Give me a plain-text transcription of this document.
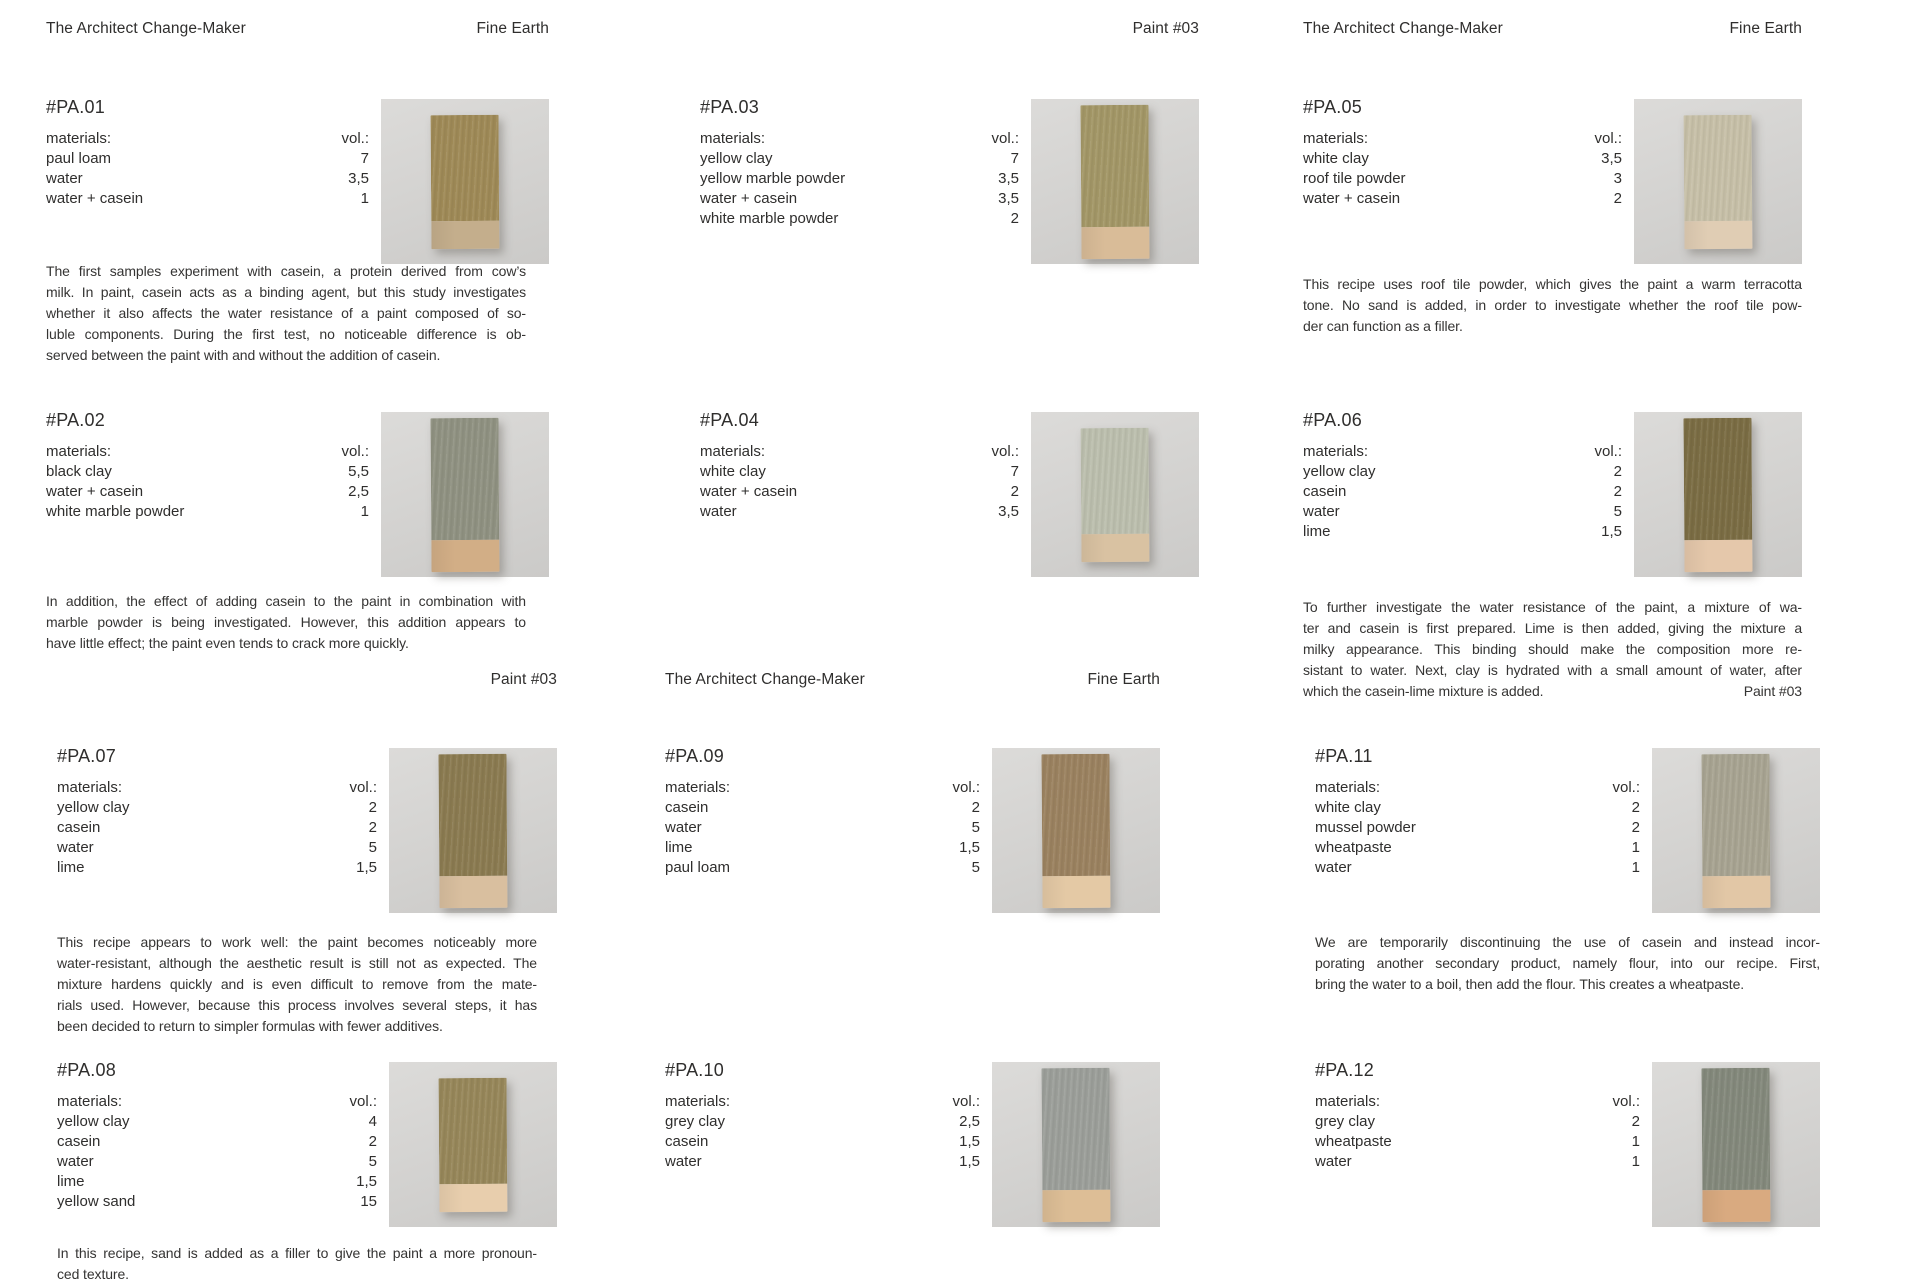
The Architect Change-Maker	Fine Earth
#PA.01
materials:	vol.:
paul loam	7
water	3,5
water + casein	1
#PA.02
materials:	vol.:
black clay	5,5
water + casein	2,5
white marble powder	1
The first samples experiment with casein, a protein derived from cow’s
milk. In paint, casein acts as a binding agent, but this study investigates
whether it also affects the water resistance of a paint composed of so-
luble components. During the first test, no noticeable difference is ob-
served between the paint with and without the addition of casein.
In addition, the effect of adding casein to the paint in combination with
marble powder is being investigated. However, this addition appears to
have little effect; the paint even tends to crack more quickly.
Paint #03
#PA.03
materials:	vol.:
yellow clay	7
yellow marble powder	3,5
water + casein	3,5
white marble powder	2
#PA.04
materials:	vol.:
white clay	7
water + casein	2
water	3,5
The Architect Change-Maker	Fine Earth
#PA.05
materials:	vol.:
white clay	3,5
roof tile powder	3
water + casein	2
#PA.06
materials:	vol.:
yellow clay	2
casein	2
water	5
lime	1,5
This recipe uses roof tile powder, which gives the paint a warm terracotta
tone. No sand is added, in order to investigate whether the roof tile pow-
der can function as a filler.
To further investigate the water resistance of the paint, a mixture of wa-
ter and casein is first prepared. Lime is then added, giving the mixture a
milky appearance. This binding should make the composition more re-
sistant to water. Next, clay is hydrated with a small amount of water, after
which the casein-lime mixture is added.	Paint #03
Paint #03
#PA.07
materials:	vol.:
yellow clay	2
casein	2
water	5
lime	1,5
#PA.08
materials:	vol.:
yellow clay	4
casein	2
water	5
lime	1,5
yellow sand	15
This recipe appears to work well: the paint becomes noticeably more
water-resistant, although the aesthetic result is still not as expected. The
mixture hardens quickly and is even difficult to remove from the mate-
rials used. However, because this process involves several steps, it has
been decided to return to simpler formulas with fewer additives.
In this recipe, sand is added as a filler to give the paint a more pronoun-
ced texture.
The Architect Change-Maker	Fine Earth
#PA.09
materials:	vol.:
casein	2
water	5
lime	1,5
paul loam	5
#PA.10
materials:	vol.:
grey clay	2,5
casein	1,5
water	1,5
#PA.11
materials:	vol.:
white clay	2
mussel powder	2
wheatpaste	1
water	1
#PA.12
materials:	vol.:
grey clay	2
wheatpaste	1
water	1
We are temporarily discontinuing the use of casein and instead incor-
porating another secondary product, namely flour, into our recipe. First,
bring the water to a boil, then add the flour. This creates a wheatpaste.
